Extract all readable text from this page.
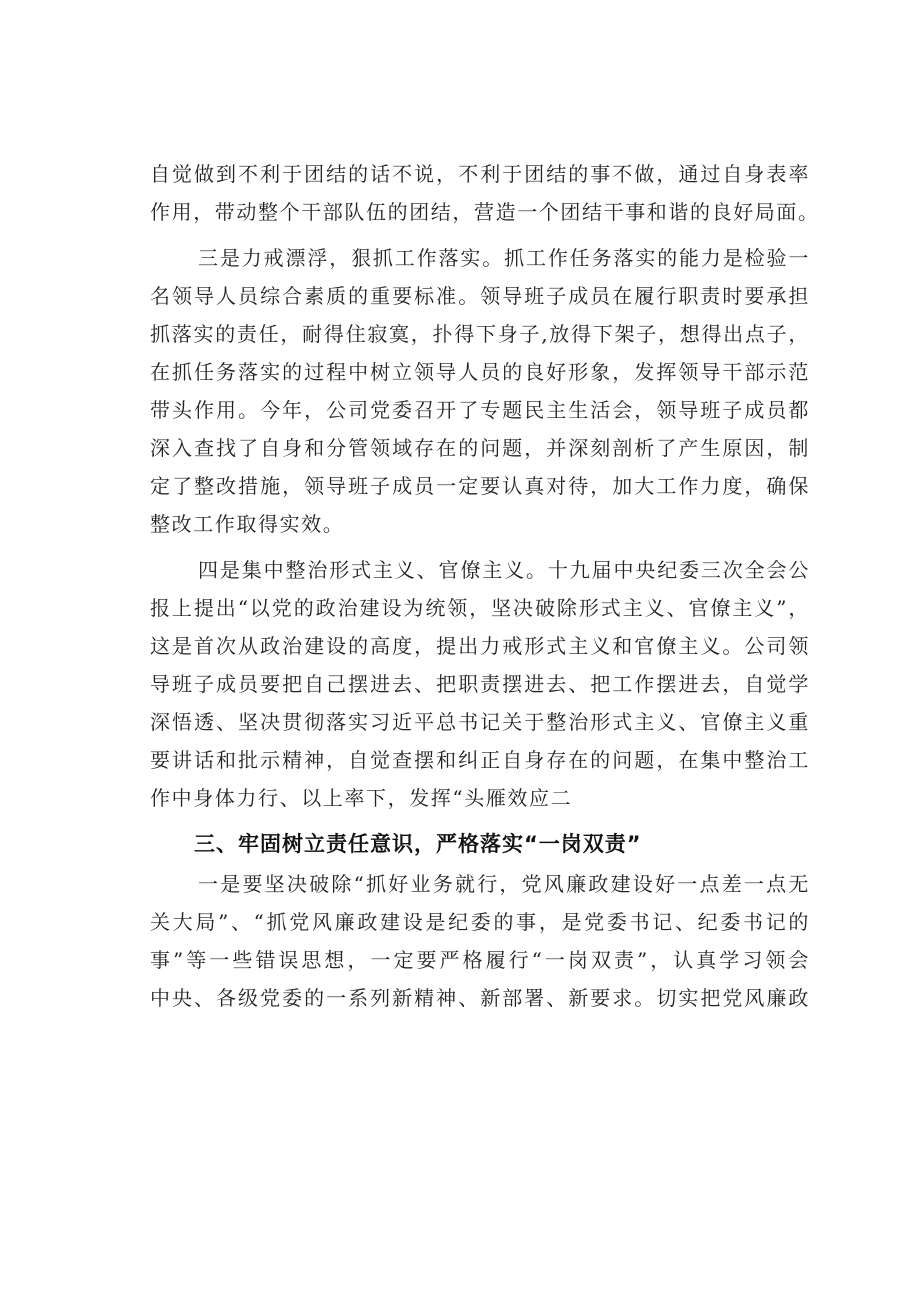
自觉做到不利于团结的话不说，不利于团结的事不做，通过自身表率
作用，带动整个干部队伍的团结，营造一个团结干事和谐的良好局面。
三是力戒漂浮，狠抓工作落实。抓工作任务落实的能力是检验一
名领导人员综合素质的重要标准。领导班子成员在履行职责时要承担
抓落实的责任，耐得住寂寞，扑得下身子,放得下架子，想得出点子，
在抓任务落实的过程中树立领导人员的良好形象，发挥领导干部示范
带头作用。今年，公司党委召开了专题民主生活会，领导班子成员都
深入查找了自身和分管领域存在的问题，并深刻剖析了产生原因，制
定了整改措施，领导班子成员一定要认真对待，加大工作力度，确保
整改工作取得实效。
四是集中整治形式主义、官僚主义。十九届中央纪委三次全会公
报上提出“以党的政治建设为统领，坚决破除形式主义、官僚主义”，
这是首次从政治建设的高度，提出力戒形式主义和官僚主义。公司领
导班子成员要把自己摆进去、把职责摆进去、把工作摆进去，自觉学
深悟透、坚决贯彻落实习近平总书记关于整治形式主义、官僚主义重
要讲话和批示精神，自觉查摆和纠正自身存在的问题，在集中整治工
作中身体力行、以上率下，发挥“头雁效应二
三、牢固树立责任意识，严格落实“一岗双责”
一是要坚决破除“抓好业务就行，党风廉政建设好一点差一点无
关大局”、“抓党风廉政建设是纪委的事，是党委书记、纪委书记的
事”等一些错误思想，一定要严格履行“一岗双责”，认真学习领会
中央、各级党委的一系列新精神、新部署、新要求。切实把党风廉政
